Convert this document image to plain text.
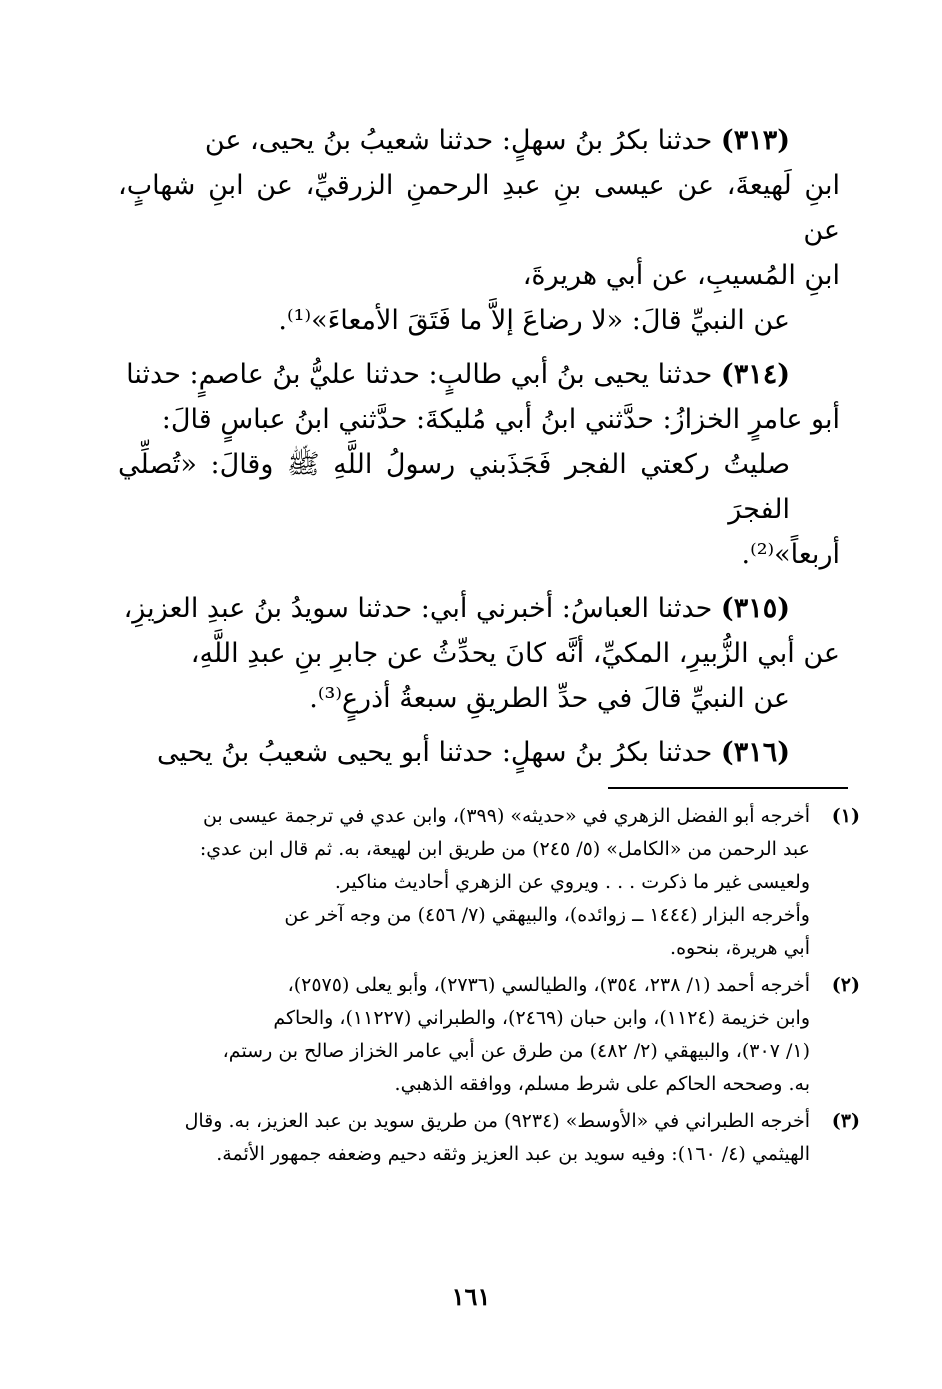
(٣١٣) حدثنا بكرُ بنُ سهلٍ: حدثنا شعيبُ بنُ يحيى، عن
ابنِ لَهيعةَ، عن عيسى بنِ عبدِ الرحمنِ الزرقيِّ، عن ابنِ شهابٍ، عن
ابنِ المُسيبِ، عن أبي هريرةَ،
عن النبيِّ قالَ: «لا رضاعَ إلاَّ ما فَتَقَ الأمعاءَ»⁽¹⁾.
(٣١٤) حدثنا يحيى بنُ أبي طالبٍ: حدثنا عليُّ بنُ عاصمٍ: حدثنا
أبو عامرٍ الخزازُ: حدَّثني ابنُ أبي مُليكةَ: حدَّثني ابنُ عباسٍ قالَ:
صليتُ ركعتي الفجر فَجَذَبني رسولُ اللَّهِ ﷺ وقالَ: «تُصلِّي الفجرَ
أربعاً»⁽²⁾.
(٣١٥) حدثنا العباسُ: أخبرني أبي: حدثنا سويدُ بنُ عبدِ العزيزِ،
عن أبي الزُّبيرِ، المكيِّ، أنَّه كانَ يحدِّثُ عن جابرِ بنِ عبدِ اللَّهِ،
عن النبيِّ قالَ في حدِّ الطريقِ سبعةُ أذرعٍ⁽³⁾.
(٣١٦) حدثنا بكرُ بنُ سهلٍ: حدثنا أبو يحيى شعيبُ بنُ يحيى
(١)
أخرجه أبو الفضل الزهري في «حديثه» (٣٩٩)، وابن عدي في ترجمة عيسى بن
عبد الرحمن من «الكامل» (٥/ ٢٤٥) من طريق ابن لهيعة، به. ثم قال ابن عدي:
ولعيسى غير ما ذكرت . . . ويروي عن الزهري أحاديث مناكير.
وأخرجه البزار (١٤٤٤ ــ زوائده)، والبيهقي (٧/ ٤٥٦) من وجه آخر عن
أبي هريرة، بنحوه.
(٢)
أخرجه أحمد (١/ ٢٣٨، ٣٥٤)، والطيالسي (٢٧٣٦)، وأبو يعلى (٢٥٧٥)،
وابن خزيمة (١١٢٤)، وابن حبان (٢٤٦٩)، والطبراني (١١٢٢٧)، والحاكم
(١/ ٣٠٧)، والبيهقي (٢/ ٤٨٢) من طرق عن أبي عامر الخزاز صالح بن رستم،
به. وصححه الحاكم على شرط مسلم، ووافقه الذهبي.
(٣)
أخرجه الطبراني في «الأوسط» (٩٢٣٤) من طريق سويد بن عبد العزيز، به. وقال
الهيثمي (٤/ ١٦٠): وفيه سويد بن عبد العزيز وثقه دحيم وضعفه جمهور الأئمة.
١٦١
